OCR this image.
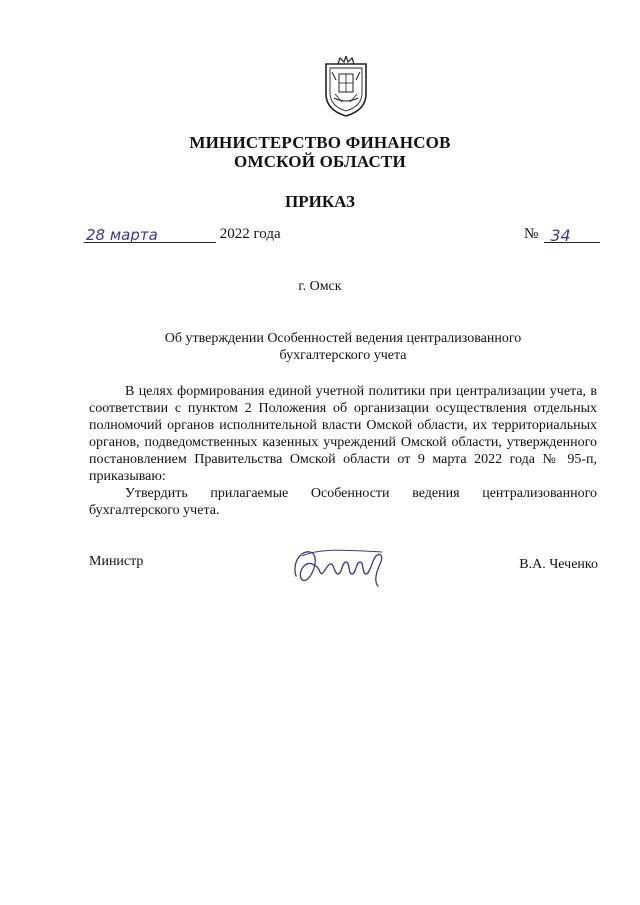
МИНИСТЕРСТВО ФИНАНСОВ
ОМСКОЙ ОБЛАСТИ
ПРИКАЗ
28 марта	2022 года	№ 34
г. Омск
Об утверждении Особенностей ведения централизованного
бухгалтерского учета

В целях формирования единой учетной политики при централизации учета, в соответствии с пунктом 2 Положения об организации осуществления отдельных полномочий органов исполнительной власти Омской области, их территориальных органов, подведомственных казенных учреждений Омской области, утвержденного постановлением Правительства Омской области от 9 марта 2022 года № 95-п, приказываю:

Утвердить прилагаемые Особенности ведения централизованного бухгалтерского учета.

Министр	В.А. Чеченко
